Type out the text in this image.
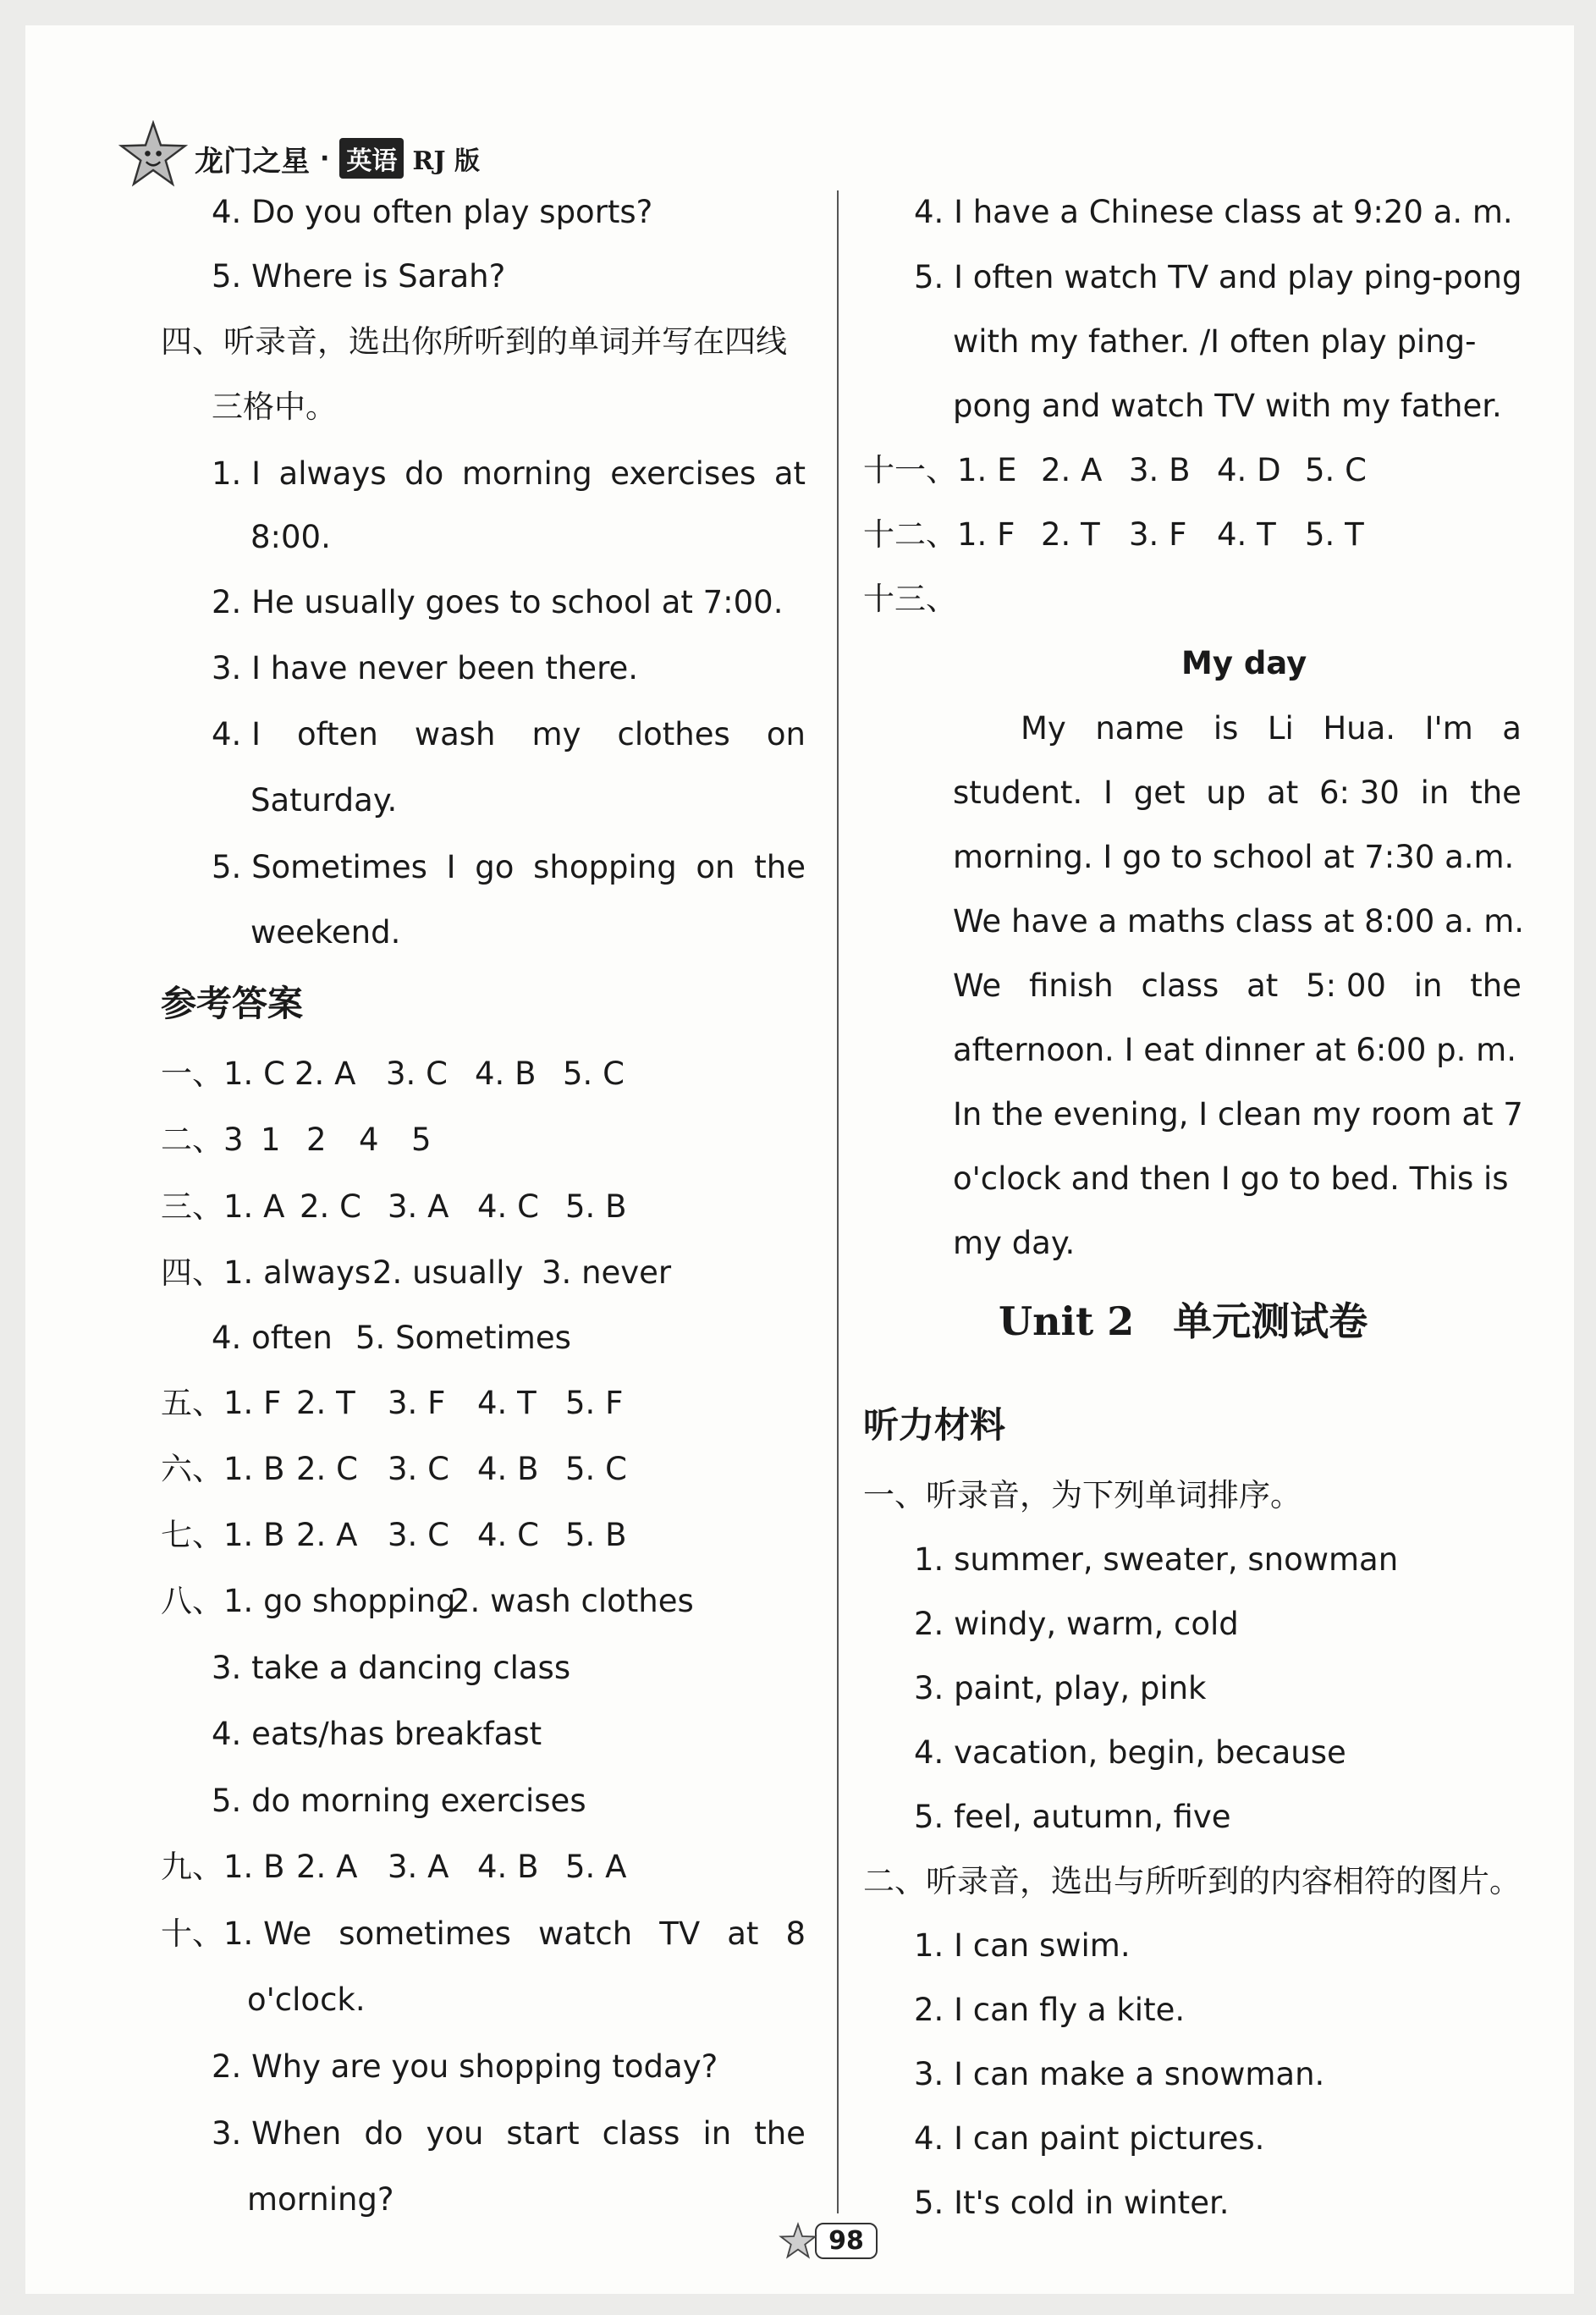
龙门之星 · 英语 RJ 版
4. Do you often play sports?
5. Where is Sarah?
四、听录音，选出你所听到的单词并写在四线
三格中。
1. I always do morning exercises at
8:00.
2. He usually goes to school at 7:00.
3. I have never been there.
4. I often wash my clothes on
Saturday.
5. Sometimes I go shopping on the
weekend.
参考答案
一、1. C 2. A 3. C 4. B 5. C
二、3 1 2 4 5
三、1. A 2. C 3. A 4. C 5. B
四、1. always2. usually 3. never
4. often 5. Sometimes
五、1. F 2. T 3. F 4. T 5. F
六、1. B 2. C 3. C 4. B 5. C
七、1. B 2. A 3. C 4. C 5. B
八、1. go shopping2. wash clothes
3. take a dancing class
4. eats/has breakfast
5. do morning exercises
九、1. B 2. A 3. A 4. B 5. A
十、1. We sometimes watch TV at 8
o'clock.
2. Why are you shopping today?
3. When do you start class in the
morning?
4. I have a Chinese class at 9:20 a. m.
5. I often watch TV and play ping-pong
with my father. /I often play ping-
pong and watch TV with my father.
十一、1. E 2. A 3. B 4. D 5. C
十二、1. F 2. T 3. F 4. T 5. T
十三、
My day
My name is Li Hua. I'm a
student. I get up at 6: 30 in the
morning. I go to school at 7:30 a.m.
We have a maths class at 8:00 a. m.
We finish class at 5: 00 in the
afternoon. I eat dinner at 6:00 p. m.
In the evening, I clean my room at 7
o'clock and then I go to bed. This is
my day.
Unit 2　单元测试卷
听力材料
一、听录音，为下列单词排序。
1. summer, sweater, snowman
2. windy, warm, cold
3. paint, play, pink
4. vacation, begin, because
5. feel, autumn, five
二、听录音，选出与所听到的内容相符的图片。
1. I can swim.
2. I can fly a kite.
3. I can make a snowman.
4. I can paint pictures.
5. It's cold in winter.
98
